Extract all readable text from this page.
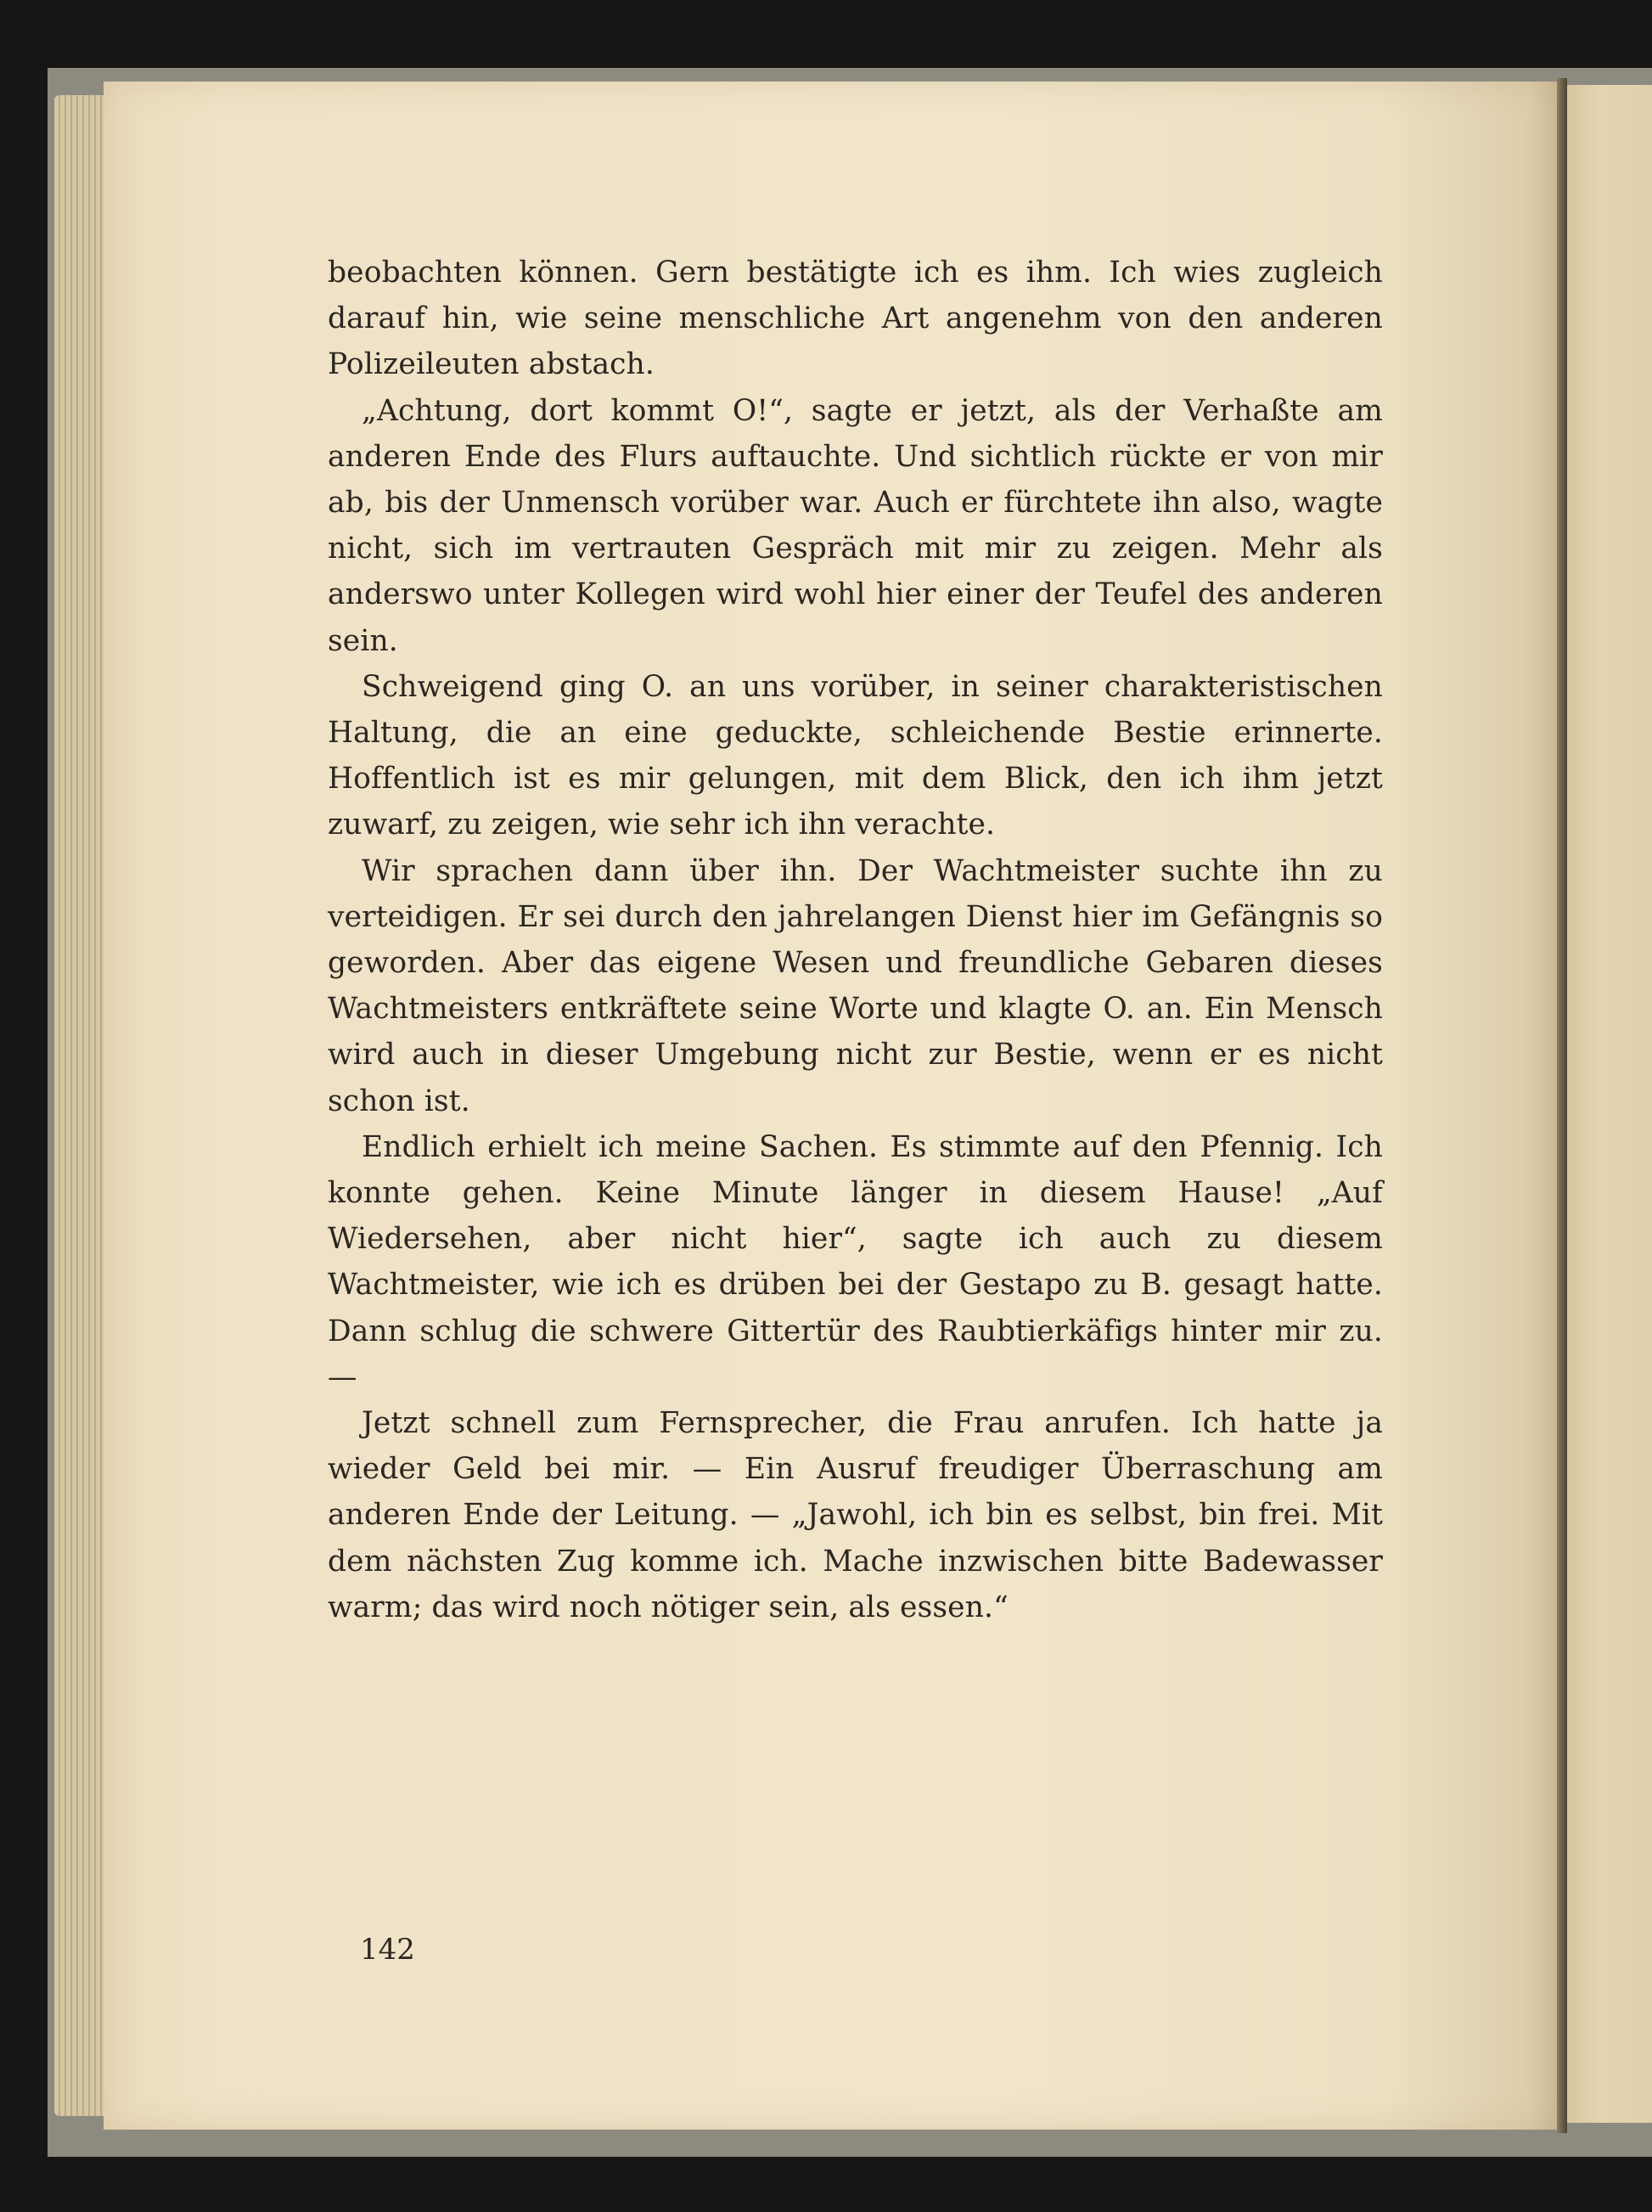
beobachten können. Gern bestätigte ich es ihm. Ich wies zugleich darauf hin, wie seine menschliche Art angenehm von den anderen Polizeileuten abstach.

„Achtung, dort kommt O!“, sagte er jetzt, als der Verhaßte am anderen Ende des Flurs auftauchte. Und sichtlich rückte er von mir ab, bis der Unmensch vorüber war. Auch er fürchtete ihn also, wagte nicht, sich im vertrauten Gespräch mit mir zu zeigen. Mehr als anderswo unter Kollegen wird wohl hier einer der Teufel des anderen sein.

Schweigend ging O. an uns vorüber, in seiner charakteristischen Haltung, die an eine geduckte, schleichende Bestie erinnerte. Hoffentlich ist es mir gelungen, mit dem Blick, den ich ihm jetzt zuwarf, zu zeigen, wie sehr ich ihn verachte.

Wir sprachen dann über ihn. Der Wachtmeister suchte ihn zu verteidigen. Er sei durch den jahrelangen Dienst hier im Gefängnis so geworden. Aber das eigene Wesen und freundliche Gebaren dieses Wachtmeisters entkräftete seine Worte und klagte O. an. Ein Mensch wird auch in dieser Umgebung nicht zur Bestie, wenn er es nicht schon ist.

Endlich erhielt ich meine Sachen. Es stimmte auf den Pfennig. Ich konnte gehen. Keine Minute länger in diesem Hause! „Auf Wiedersehen, aber nicht hier“, sagte ich auch zu diesem Wachtmeister, wie ich es drüben bei der Gestapo zu B. gesagt hatte. Dann schlug die schwere Gittertür des Raubtierkäfigs hinter mir zu. —

Jetzt schnell zum Fernsprecher, die Frau anrufen. Ich hatte ja wieder Geld bei mir. — Ein Ausruf freudiger Überraschung am anderen Ende der Leitung. — „Jawohl, ich bin es selbst, bin frei. Mit dem nächsten Zug komme ich. Mache inzwischen bitte Badewasser warm; das wird noch nötiger sein, als essen.“

142
